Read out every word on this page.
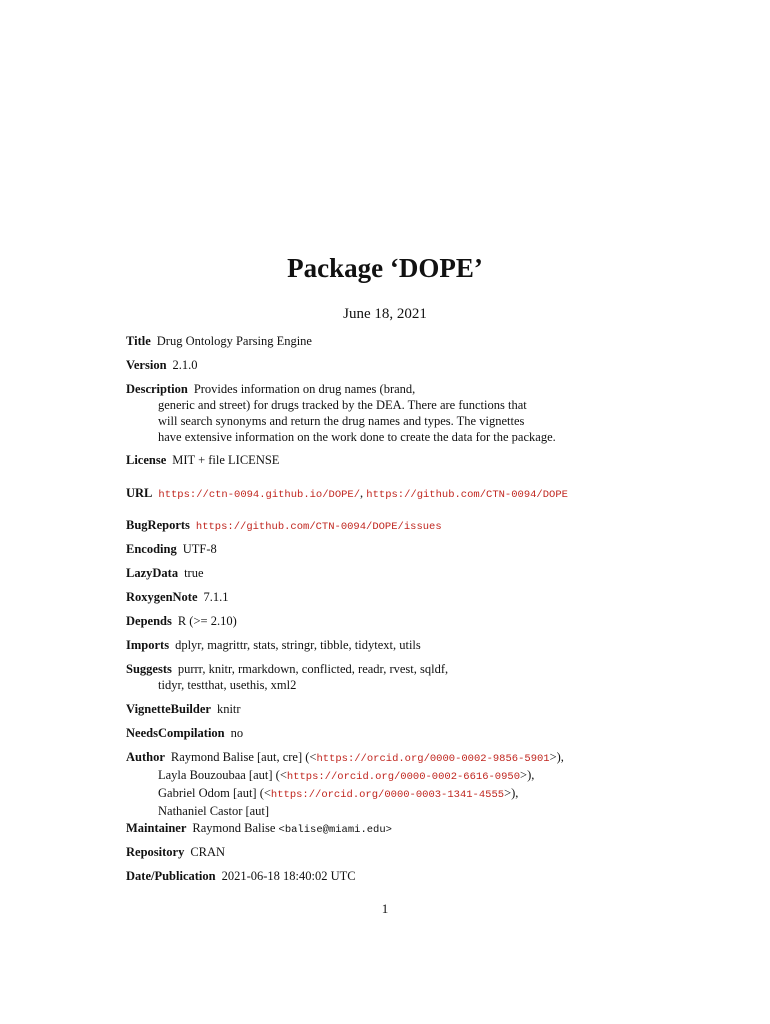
Package ‘DOPE’
June 18, 2021
Title Drug Ontology Parsing Engine
Version 2.1.0
Description Provides information on drug names (brand,
generic and street) for drugs tracked by the DEA. There are functions that
will search synonyms and return the drug names and types. The vignettes
have extensive information on the work done to create the data for the package.
License MIT + file LICENSE
URL https://ctn-0094.github.io/DOPE/, https://github.com/CTN-0094/DOPE
BugReports https://github.com/CTN-0094/DOPE/issues
Encoding UTF-8
LazyData true
RoxygenNote 7.1.1
Depends R (>= 2.10)
Imports dplyr, magrittr, stats, stringr, tibble, tidytext, utils
Suggests purrr, knitr, rmarkdown, conflicted, readr, rvest, sqldf,
tidyr, testthat, usethis, xml2
VignetteBuilder knitr
NeedsCompilation no
Author Raymond Balise [aut, cre] (<https://orcid.org/0000-0002-9856-5901>),
Layla Bouzoubaa [aut] (<https://orcid.org/0000-0002-6616-0950>),
Gabriel Odom [aut] (<https://orcid.org/0000-0003-1341-4555>),
Nathaniel Castor [aut]
Maintainer Raymond Balise <balise@miami.edu>
Repository CRAN
Date/Publication 2021-06-18 18:40:02 UTC
1
